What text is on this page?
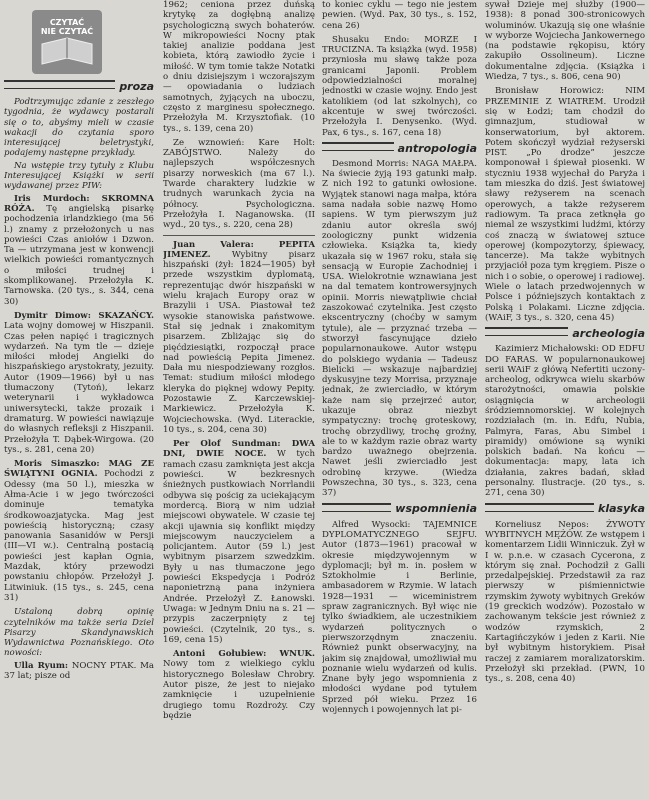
CZYTAĆ
NIE CZYTAĆ
proza

Podtrzymując zdanie z zeszłego tygodnia, że wydawcy postarali się o to, abyśmy mieli w czasie wakacji do czytania sporo interesującej beletrystyki, podajemy następne przykłady.

Na wstępie trzy tytuły z Klubu Interesującej Książki w serii wydawanej przez PIW:

Iris Murdoch: SKROMNA RÓŻA. Tę angielską pisarkę pochodzenia irlandzkiego (ma 56 l.) znamy z przełożonych u nas powieści Czas aniołów i Dzwon. Ta — utrzymana jest w konwencji wielkich powieści romantycznych o miłości trudnej i skomplikowanej. Przełożyła K. Tarnowska. (20 tys., s. 344, cena 30)

Dymitr Dimow: SKAZAŃCY. Lata wojny domowej w Hiszpanii. Czas pełen napięć i tragicznych wydarzeń. Na tym tle — dzieje miłości młodej Angielki do hiszpańskiego arystokraty, jezuity. Autor (1909—1966) był u nas tłumaczony (Tytoń), lekarz weterynarii i wykładowca uniwersytecki, także prozaik i dramaturg. W powieści nawiązuje do własnych refleksji z Hiszpanii. Przełożyła T. Dąbek-Wirgowa. (20 tys., s. 281, cena 20)

Moris Simaszko: MAG ZE ŚWIĄTYNI OGNIA. Pochodzi z Odessy (ma 50 l.), mieszka w Ałma-Acie i w jego twórczości dominuje tematyka środkowoazjatycka. Mag jest powieścią historyczną; czasy panowania Sasanidów w Persji (III—VI w.). Centralną postacią powieści jest kapłan Ognia, Mazdak, który przewodzi powstaniu chłopów. Przełożył J. Litwiniuk. (15 tys., s. 245, cena 31)

Ustaloną dobrą opinię czytelników ma także seria Dziel Pisarzy Skandynawskich Wydawnictwa Poznańskiego. Oto nowości:

Ulla Ryum: NOCNY PTAK. Ma 37 lat; pisze od

1962; ceniona przez duńską krytykę za dogłębną analizę psychologiczną swych bohaterów. W mikropowieści Nocny ptak takiej analizie poddana jest kobieta, którą zawiodło życie i miłość. W tym tomie także Notatki o dniu dzisiejszym i wczorajszym — opowiadania o ludziach samotnych, żyjących na uboczu, często z marginesu społecznego. Przełożyła M. Krzysztofiak. (10 tys., s. 139, cena 20)

Ze wznowień: Kare Holt: ZABÓJSTWO. Należy do najlepszych współczesnych pisarzy norweskich (ma 67 l.). Twarde charaktery ludzkie w trudnych warunkach życia na północy. Psychologiczna. Przełożyła I. Naganowska. (II wyd., 20 tys., s. 220, cena 28)

Juan Valera: PEPITA JIMENEZ. Wybitny pisarz hiszpański (żył: 1824—1905) był przede wszystkim dyplomatą, reprezentując dwór hiszpański w wielu krajach Europy oraz w Brazylii i USA. Piastował też wysokie stanowiska państwowe. Stał się jednak i znakomitym pisarzem. Zbliżając się do pięćdziesiątki, rozpoczął prace nad powieścią Pepita Jimenez. Dała mu niespodziewany rozgłos. Temat: studium miłości młodego kleryka do pięknej wdowy Pepity. Pozostawie Z. Karczewskiej-Markiewicz. Przełożyła K. Wojciechowska. (Wyd. Literackie, 10 tys., s. 204, cena 30)

Per Olof Sundman: DWA DNI, DWIE NOCE. W tych ramach czasu zamknięta jest akcja powieści. W bezkresnych śnieżnych pustkowiach Norrlandii odbywa się pościg za uciekającym mordercą. Biorą w nim udział miejscowi obywatele. W czasie tej akcji ujawnia się konflikt między miejscowym nauczycielem a policjantem. Autor (59 l.) jest wybitnym pisarzem szwedzkim. Były u nas tłumaczone jego powieści Ekspedycja i Podróż naponietrzną pana inżyniera Andrée. Przełożył Z. Łanowski. Uwaga: w Jednym Dniu na s. 21 — przypis zaczerpnięty z tej powieści. (Czytelnik, 20 tys., s. 169, cena 15)

Antoni Gołubiew: WNUK. Nowy tom z wielkiego cyklu historycznego Bolesław Chrobry. Autor pisze, że jest to niejako zamknięcie i uzupełnienie drugiego tomu Rozdroży. Czy będzie

to koniec cyklu — tego nie jestem pewien. (Wyd. Pax, 30 tys., s. 152, cena 26)

Shusaku Endo: MORZE I TRUCIZNA. Ta książka (wyd. 1958) przyniosła mu sławę także poza granicami Japonii. Problem odpowiedzialności moralnej jednostki w czasie wojny. Endo jest katolikiem (od lat szkolnych), co akcentuje w swej twórczości. Przełożyła I. Denysenko. (Wyd. Pax, 6 tys., s. 167, cena 18)

antropologia

Desmond Morris: NAGA MAŁPA. Na świecie żyją 193 gatunki małp. Z nich 192 to gatunki owłosione. Wyjątek stanowi naga małpa, która sama nadała sobie nazwę Homo sapiens. W tym pierwszym już zdaniu autor określa swój zoologiczny punkt widzenia człowieka. Książka ta, kiedy ukazała się w 1967 roku, stała się sensacją w Europie Zachodniej i USA. Wielokrotnie wznawiana jest na dal tematem kontrowersyjnych opinii. Morris niewątpliwie chciał zaszokować czytelnika. Jest często ekscentryczny (choćby w samym tytule), ale — przyznać trzeba — stworzył fascynujące dzieło popularnonaukowe. Autor wstępu do polskiego wydania — Tadeusz Bielicki — wskazuje najbardziej dyskusyjne tezy Morrisa, przyznaje jednak, że zwierciadło, w którym każe nam się przejrzeć autor, ukazuje obraz niezbyt sympatyczny: trochę groteskowy, trochę obrzydliwy, trochę groźny, ale to w każdym razie obraz warty bardzo uważnego obejrzenia. Nawet jeśli zwierciadło jest odrobinę krzywe. (Wiedza Powszechna, 30 tys., s. 323, cena 37)

wspomnienia

Alfred Wysocki: TAJEMNICE DYPLOMATYCZNEGO SEJFU. Autor (1873—1961) pracował w okresie międzywojennym w dyplomacji; był m. in. posłem w Sztokholmie i Berlinie, ambasadorem w Rzymie. W latach 1928—1931 — wiceministrem spraw zagranicznych. Był więc nie tylko świadkiem, ale uczestnikiem wydarzeń politycznych o pierwszorzędnym znaczeniu. Również punkt obserwacyjny, na jakim się znajdował, umożliwiał mu poznanie wielu wydarzeń od kulis. Znane były jego wspomnienia z młodości wydane pod tytułem Sprzed pół wieku. Przez 16 wojennych i powojennych lat pi-

sywał Dzieje mej służby (1900—1938): 8 ponad 300-stronicowych woluminów. Ukazują się one właśnie w wyborze Wojciecha Jankowernego (na podstawie rękopisu, który zakupiło Ossolineum). Liczne dokumentalne zdjęcia. (Książka i Wiedza, 7 tys., s. 806, cena 90)

Bronisław Horowicz: NIM PRZEMINIE Z WIATREM. Urodził się w Łodzi; tam chodził do gimnazjum, studiował w konserwatorium, był aktorem. Potem skończył wydział reżyserski PIST. „Po drodze” jeszcze komponował i śpiewał piosenki. W styczniu 1938 wyjechał do Paryża i tam mieszka do dziś. Jest światowej sławy reżyserem na scenach operowych, a także reżyserem radiowym. Ta praca zetknęła go niemal ze wszystkimi ludźmi, którzy coś znaczą w światowej sztuce operowej (kompozytorzy, śpiewacy, tancerze). Ma także wybitnych przyjaciół poza tym kręgiem. Pisze o nich i o sobie, o operowej i radiowej. Wiele o latach przedwojennych w Polsce i późniejszych kontaktach z Polską i Polakami. Liczne zdjęcia. (WAiF, 3 tys., s. 320, cena 45)

archeologia

Kazimierz Michałowski: OD EDFU DO FARAS. W popularnonaukowej serii WAiF z główą Nefertiti uczony-archeolog, odkrywca wielu skarbów starożytności, omawia polskie osiągnięcia w archeologii śródziemnomorskiej. W kolejnych rozdziałach (m. in. Edfu, Nubia, Palmyra, Faras, Abu Simbel i piramidy) omówione są wyniki polskich badań. Na końcu — dokumentacja: mapy, lata ich działania, zakres badań, skład personalny. Ilustracje. (20 tys., s. 271, cena 30)

klasyka

Korneliusz Nepos: ŻYWOTY WYBITNYCH MĘŻÓW. Ze wstępem i komentarzem Lidii Winniczuk. Żył w I w. p.n.e. w czasach Cycerona, z którym się znał. Pochodził z Galli przedalpejskiej. Przedstawił za raz pierwszy w piśmiennictwie rzymskim żywoty wybitnych Greków (19 greckich wodzów). Pozostało w zachowanym tekście jest również z wodzów rzymskich, 2 Kartagińczyków i jeden z Karii. Nie był wybitnym historykiem. Pisał raczej z zamiarem moralizatorskim. Przełożył ski przekład. (PWN, 10 tys., s. 208, cena 40)
